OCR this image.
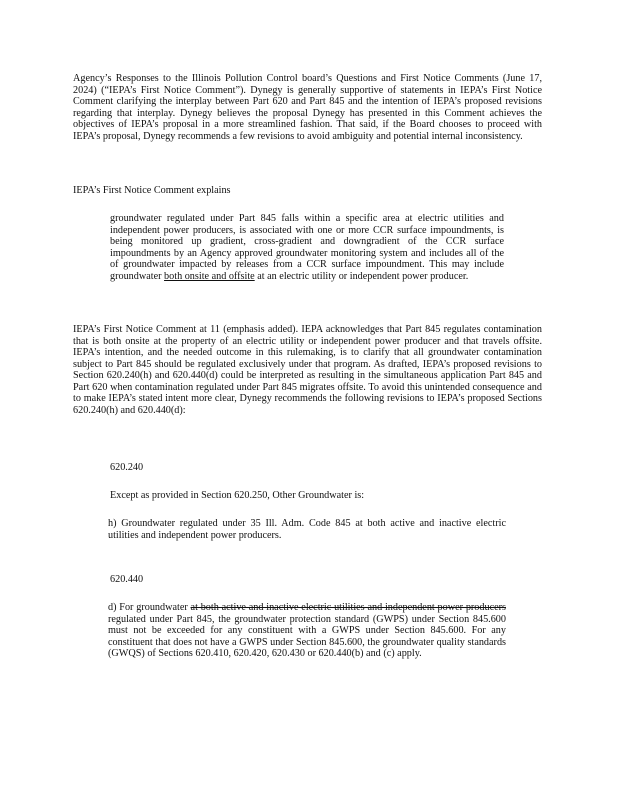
Agency’s Responses to the Illinois Pollution Control board’s Questions and First Notice Comments (June 17, 2024) (“IEPA’s First Notice Comment”). Dynegy is generally supportive of statements in IEPA’s First Notice Comment clarifying the interplay between Part 620 and Part 845 and the intention of IEPA’s proposed revisions regarding that interplay. Dynegy believes the proposal Dynegy has presented in this Comment achieves the objectives of IEPA’s proposal in a more streamlined fashion. That said, if the Board chooses to proceed with IEPA’s proposal, Dynegy recommends a few revisions to avoid ambiguity and potential internal inconsistency.

IEPA’s First Notice Comment explains

groundwater regulated under Part 845 falls within a specific area at electric utilities and independent power producers, is associated with one or more CCR surface impoundments, is being monitored up gradient, cross-gradient and downgradient of the CCR surface impoundments by an Agency approved groundwater monitoring system and includes all of the of groundwater impacted by releases from a CCR surface impoundment. This may include groundwater both onsite and offsite at an electric utility or independent power producer.

IEPA’s First Notice Comment at 11 (emphasis added). IEPA acknowledges that Part 845 regulates contamination that is both onsite at the property of an electric utility or independent power producer and that travels offsite. IEPA’s intention, and the needed outcome in this rulemaking, is to clarify that all groundwater contamination subject to Part 845 should be regulated exclusively under that program. As drafted, IEPA’s proposed revisions to Section 620.240(h) and 620.440(d) could be interpreted as resulting in the simultaneous application Part 845 and Part 620 when contamination regulated under Part 845 migrates offsite. To avoid this unintended consequence and to make IEPA’s stated intent more clear, Dynegy recommends the following revisions to IEPA’s proposed Sections 620.240(h) and 620.440(d):

620.240

Except as provided in Section 620.250, Other Groundwater is:

h) Groundwater regulated under 35 Ill. Adm. Code 845 at both active and inactive electric utilities and independent power producers.

620.440

d) For groundwater at both active and inactive electric utilities and independent power producers regulated under Part 845, the groundwater protection standard (GWPS) under Section 845.600 must not be exceeded for any constituent with a GWPS under Section 845.600. For any constituent that does not have a GWPS under Section 845.600, the groundwater quality standards (GWQS) of Sections 620.410, 620.420, 620.430 or 620.440(b) and (c) apply.
